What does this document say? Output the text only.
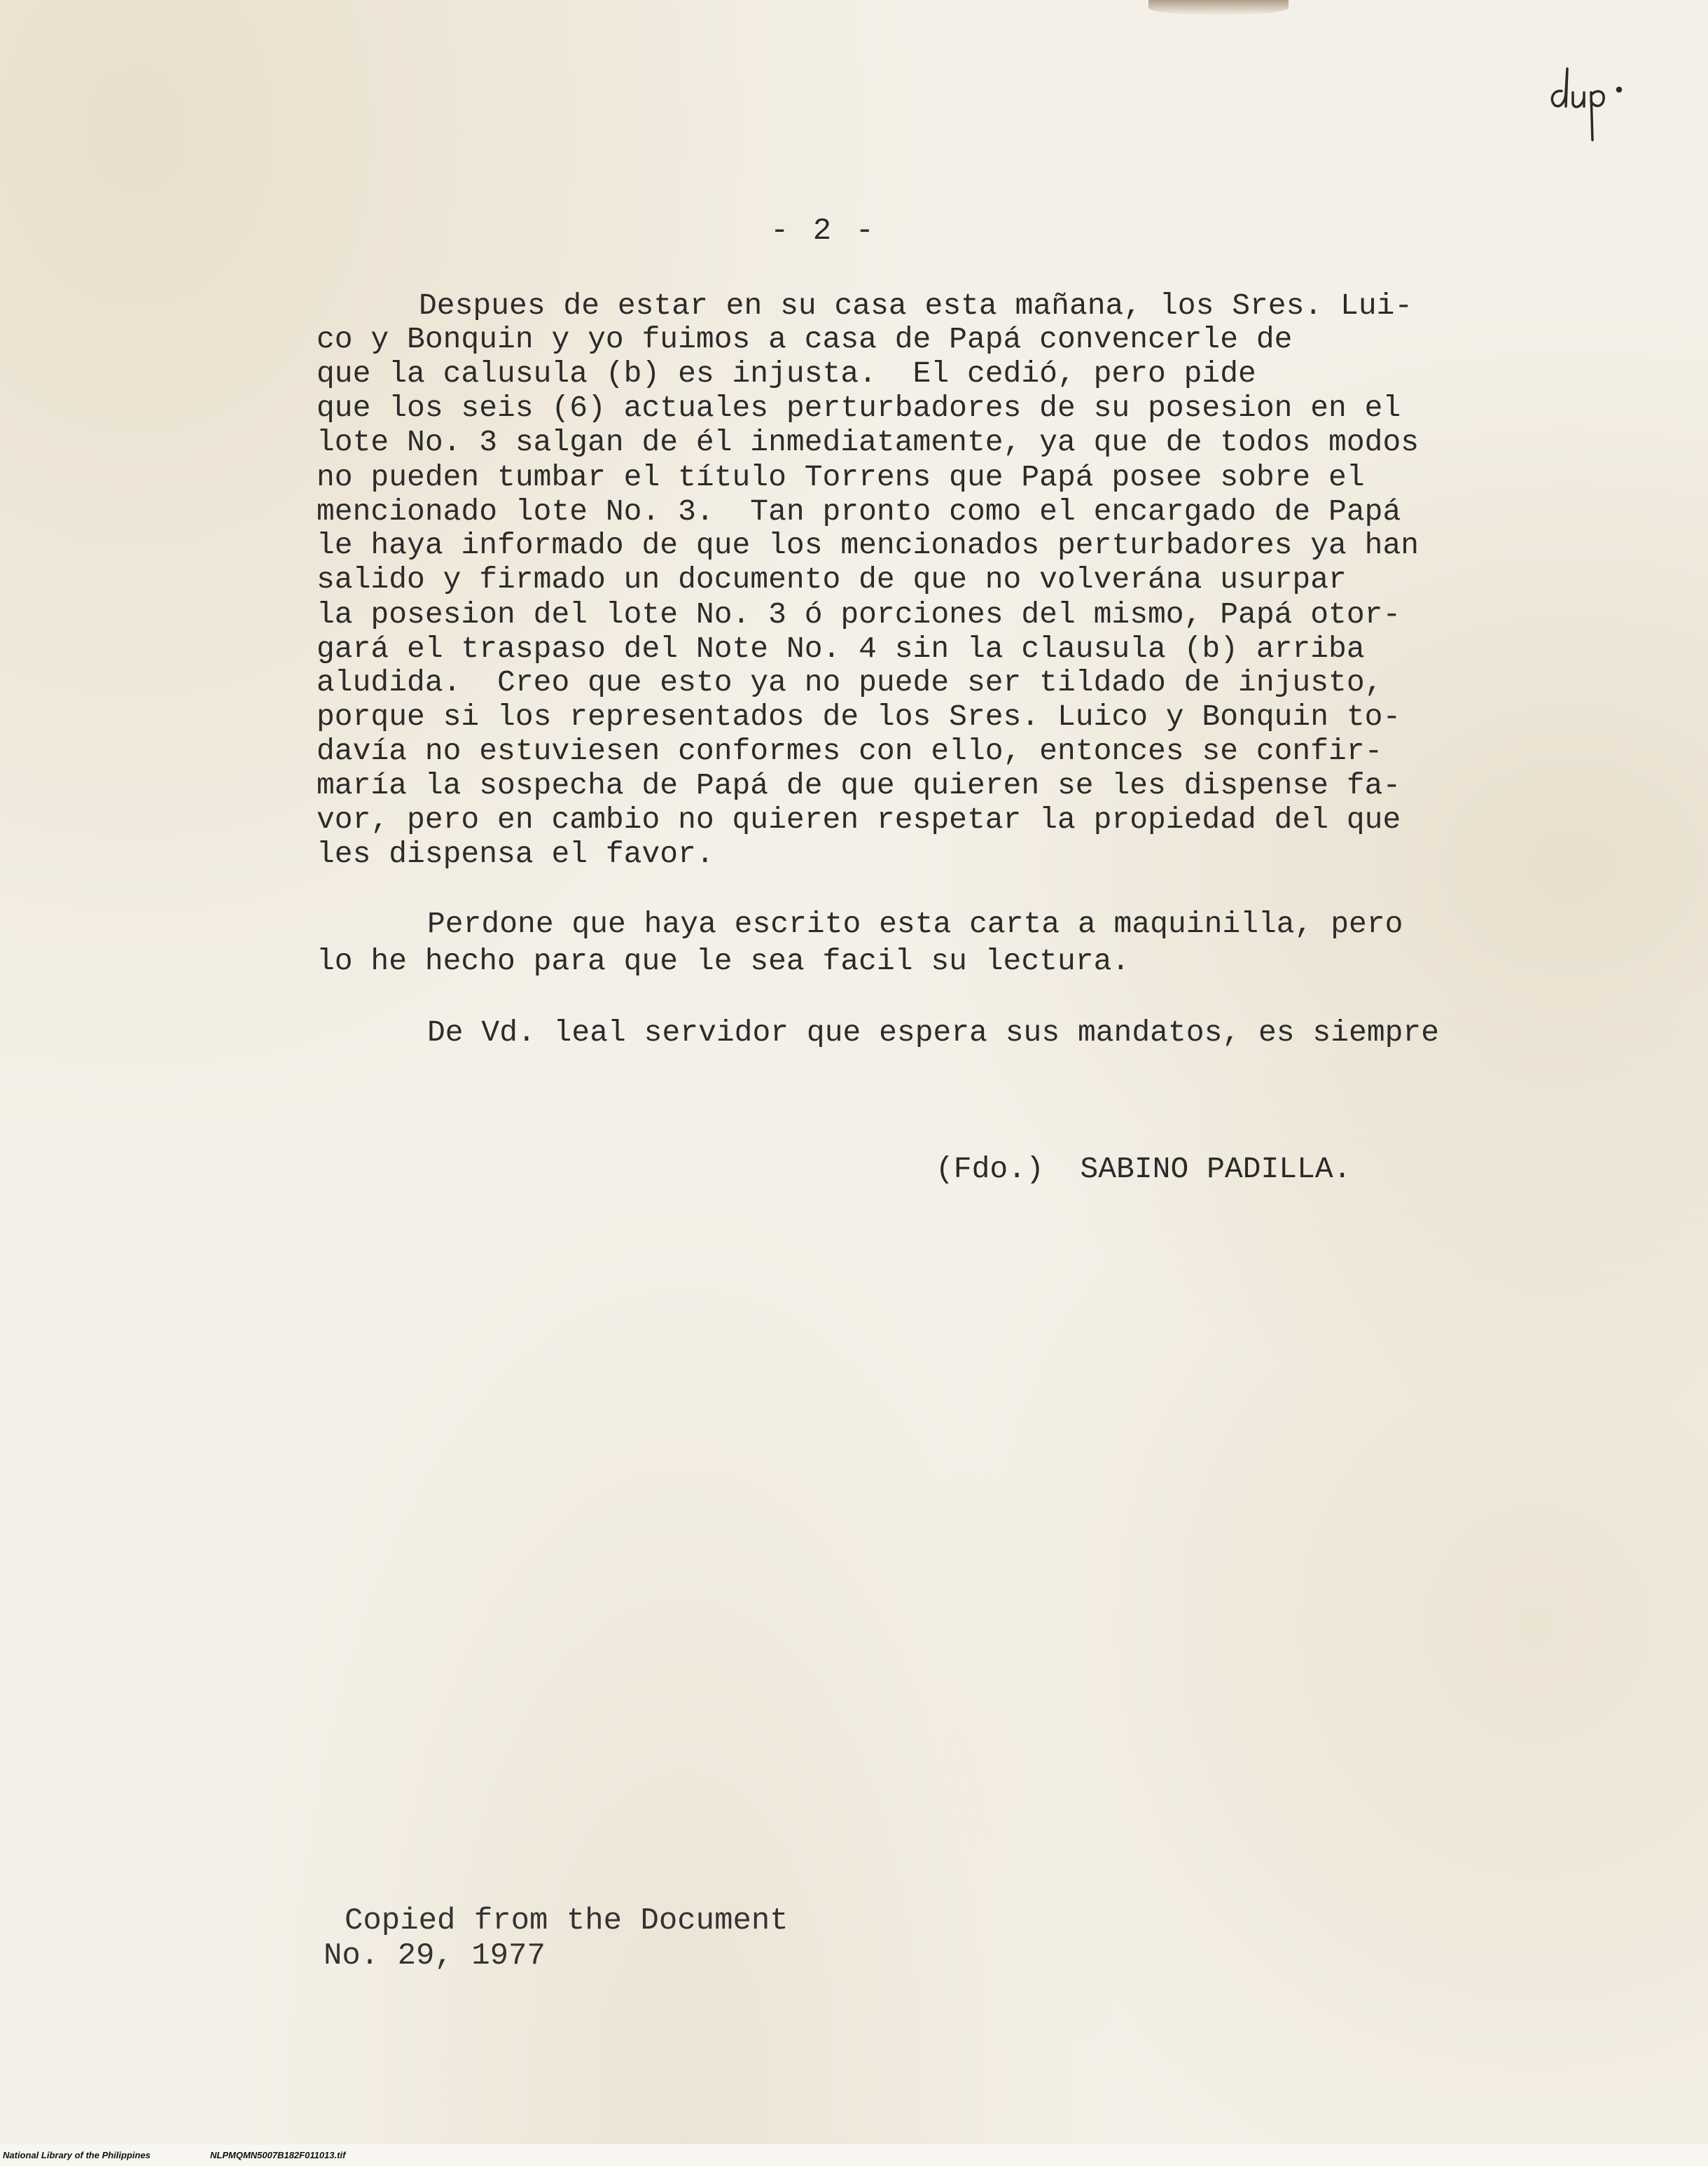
- 2 -
Despues de estar en su casa esta mañana, los Sres. Lui-
co y Bonquin y yo fuimos a casa de Papá convencerle de
que la calusula (b) es injusta.  El cedió, pero pide
que los seis (6) actuales perturbadores de su posesion en el
lote No. 3 salgan de él inmediatamente, ya que de todos modos
no pueden tumbar el título Torrens que Papá posee sobre el
mencionado lote No. 3.  Tan pronto como el encargado de Papá
le haya informado de que los mencionados perturbadores ya han
salido y firmado un documento de que no volverána usurpar
la posesion del lote No. 3 ó porciones del mismo, Papá otor-
gará el traspaso del Note No. 4 sin la clausula (b) arriba
aludida.  Creo que esto ya no puede ser tildado de injusto,
porque si los representados de los Sres. Luico y Bonquin to-
davía no estuviesen conformes con ello, entonces se confir-
maría la sospecha de Papá de que quieren se les dispense fa-
vor, pero en cambio no quieren respetar la propiedad del que
les dispensa el favor.
Perdone que haya escrito esta carta a maquinilla, pero
lo he hecho para que le sea facil su lectura.
De Vd. leal servidor que espera sus mandatos, es siempre
(Fdo.)  SABINO PADILLA.
Copied from the Document
No. 29, 1977
National Library of the Philippines	NLPMQMN5007B182F011013.tif
